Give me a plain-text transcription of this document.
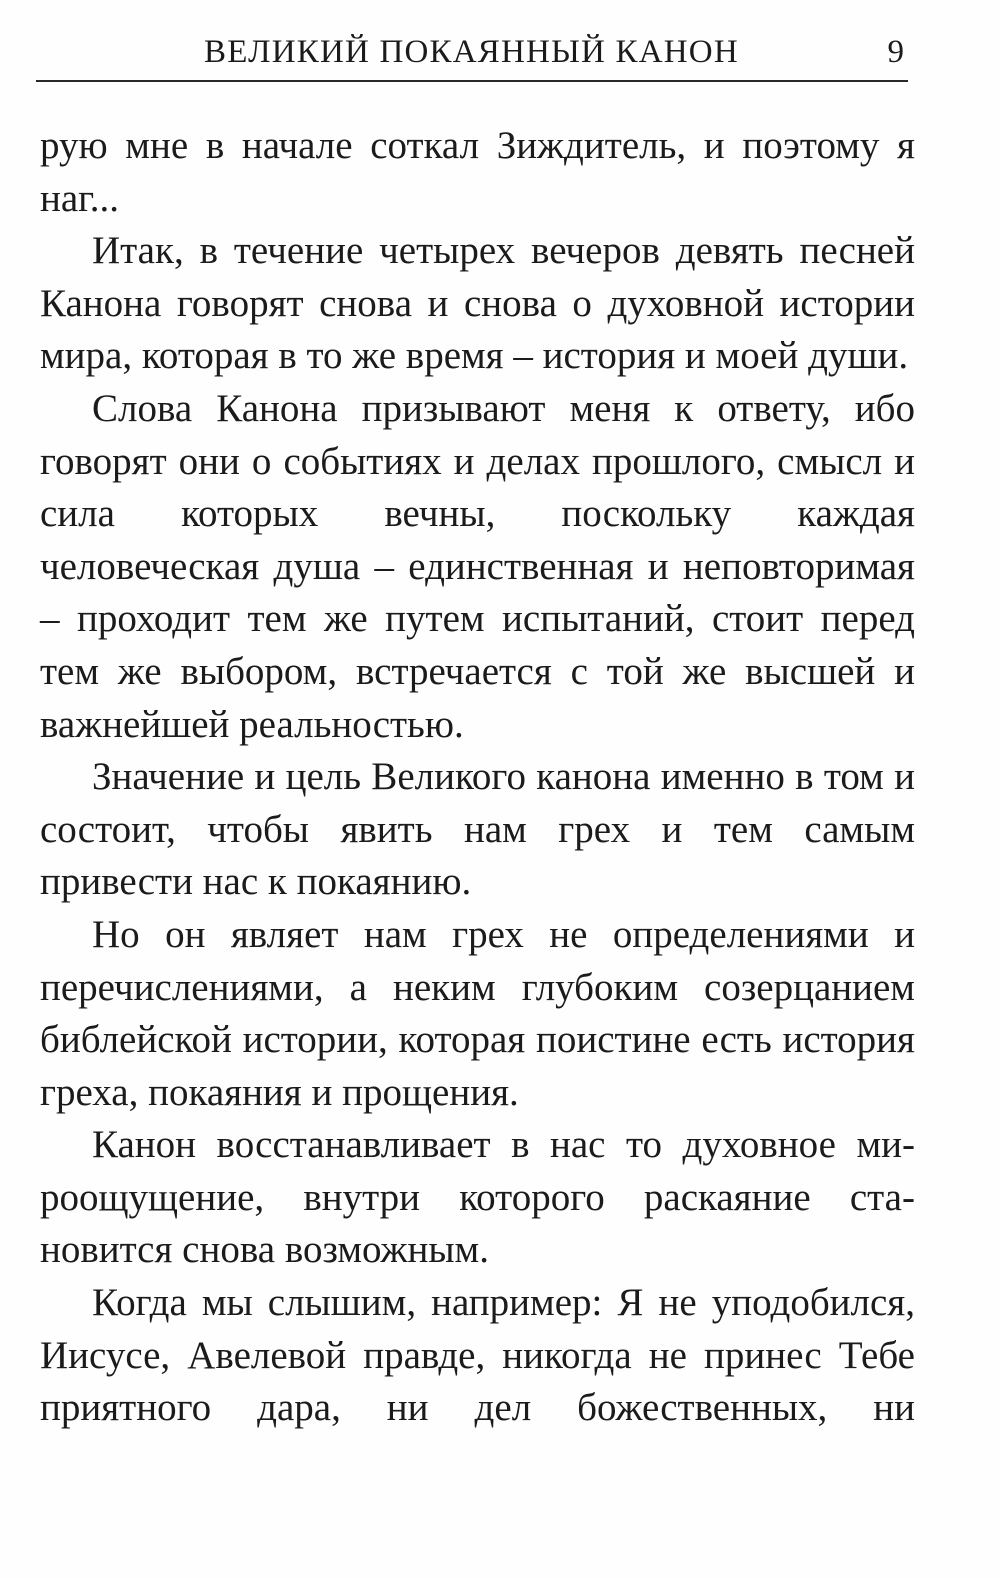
ВЕЛИКИЙ ПОКАЯННЫЙ КАНОН	9

рую мне в начале соткал Зиждитель, и поэтому я наг...

Итак, в течение четырех вечеров девять песней Канона говорят снова и снова о духовной истории мира, которая в то же время – история и моей души.

Слова Канона призывают меня к ответу, ибо говорят они о событиях и делах прошлого, смысл и сила которых вечны, поскольку каждая человеческая душа – единственная и неповторимая – проходит тем же путем испытаний, стоит перед тем же выбором, встречается с той же высшей и важнейшей реальностью.

Значение и цель Великого канона именно в том и состоит, чтобы явить нам грех и тем самым привести нас к покаянию.

Но он являет нам грех не определениями и перечислениями, а неким глубоким созерцанием библейской истории, которая поистине есть история греха, покаяния и прощения.

Канон восстанавливает в нас то духовное мироощущение, внутри которого раскаяние становится снова возможным.

Когда мы слышим, например: Я не уподобился, Иисусе, Авелевой правде, никогда не принес Тебе приятного дара, ни дел божественных, ни
